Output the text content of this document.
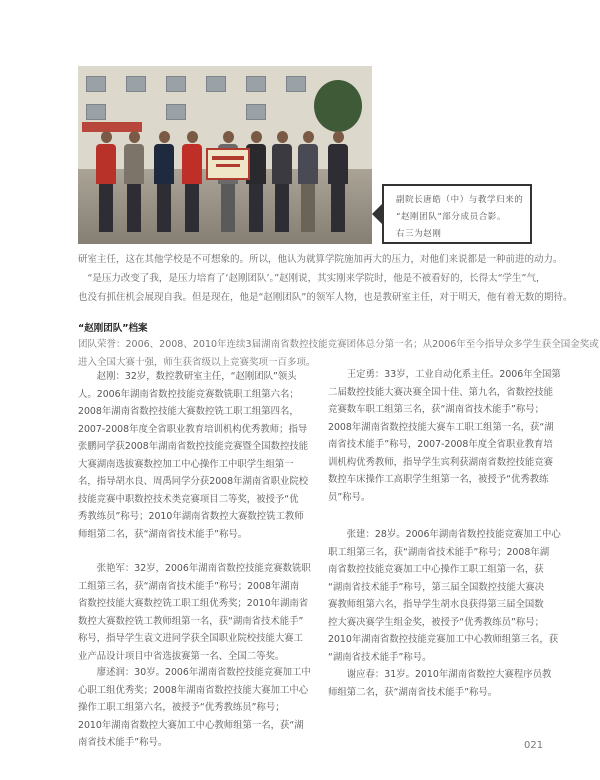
副院长唐皓（中）与教学归来的
“赵刚团队”部分成员合影。
右三为赵刚

研室主任，这在其他学校是不可想象的。所以，他认为就算学院施加再大的压力，对他们来说都是一种前进的动力。

“是压力改变了我，是压力培育了‘赵刚团队’。”赵刚说，其实刚来学院时，他是不被看好的，长得太“学生”气，

也没有抓住机会展现自我。但是现在，他是“赵刚团队”的领军人物，也是教研室主任，对于明天，他有着无数的期待。

“赵刚团队”档案

团队荣誉：2006、2008、2010年连续3届湖南省数控技能竞赛团体总分第一名；从2006年至今指导众多学生获全国金奖或

进入全国大赛十强，师生获省级以上竞赛奖项一百多项。

赵刚：32岁，数控教研室主任，“赵刚团队”领头

人。2006年湖南省数控技能竞赛数铣职工组第六名；

2008年湖南省数控技能大赛数控铣工职工组第四名，

2007-2008年度全省职业教育培训机构优秀教师；指导

张鹏同学获2008年湖南省数控技能竞赛暨全国数控技能

大赛湖南选拔赛数控加工中心操作工中职学生组第一

名，指导胡水良、周禹同学分获2008年湖南省职业院校

技能竞赛中职数控技术类竞赛项目二等奖，被授予“优

秀教练员”称号；2010年湖南省数控大赛数控铣工教师

师组第二名，获“湖南省技术能手”称号。

张艳军：32岁，2006年湖南省数控技能竞赛数铣职

工组第三名，获“湖南省技术能手”称号；2008年湖南

省数控技能大赛数控铣工职工组优秀奖；2010年湖南省

数控大赛数控铣工教师组第一名，获“湖南省技术能手”

称号，指导学生袁文进同学获全国职业院校技能大赛工

业产品设计项目中省选拔赛第一名、全国二等奖。

廖述润：30岁。2006年湖南省数控技能竞赛加工中

心职工组优秀奖；2008年湖南省数控技能大赛加工中心

操作工职工组第六名，被授予“优秀教练员”称号；

2010年湖南省数控大赛加工中心教师组第一名，获“湖

南省技术能手”称号。

王定勇：33岁，工业自动化系主任。2006年全国第

二届数控技能大赛决赛全国十佳、第九名，省数控技能

竞赛数车职工组第三名，获“湖南省技术能手”称号；

2008年湖南省数控技能大赛车工职工组第一名，获“湖

南省技术能手”称号，2007-2008年度全省职业教育培

训机构优秀教师，指导学生宾利获湖南省数控技能竞赛

数控车床操作工高职学生组第一名，被授予“优秀教练

员”称号。

张建：28岁。2006年湖南省数控技能竞赛加工中心

职工组第三名，获“湖南省技术能手”称号；2008年湖

南省数控技能竞赛加工中心操作工职工组第一名，获

“湖南省技术能手”称号，第三届全国数控技能大赛决

赛教师组第六名，指导学生胡水良获得第三届全国数

控大赛决赛学生组金奖，被授予“优秀教练员”称号；

2010年湖南省数控技能竞赛加工中心教师组第三名，获

“湖南省技术能手”称号。

谢应春：31岁。2010年湖南省数控大赛程序员教

师组第二名，获“湖南省技术能手”称号。

021
